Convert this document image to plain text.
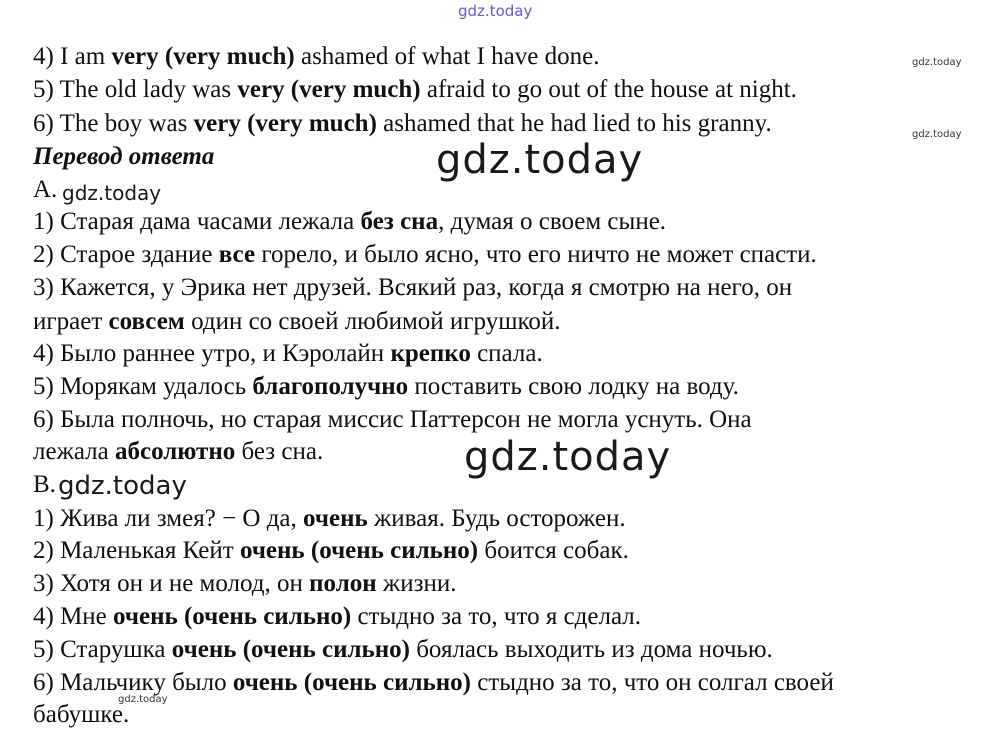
gdz.today
gdz.today
gdz.today
gdz.today
gdz.today
gdz.today
gdz.today
gdz.today
4) I am very (very much) ashamed of what I have done.
5) The old lady was very (very much) afraid to go out of the house at night.
6) The boy was very (very much) ashamed that he had lied to his granny.
Перевод ответа
A.
1) Старая дама часами лежала без сна, думая о своем сыне.
2) Старое здание все горело, и было ясно, что его ничто не может спасти.
3) Кажется, у Эрика нет друзей. Всякий раз, когда я смотрю на него, он
играет совсем один со своей любимой игрушкой.
4) Было раннее утро, и Кэролайн крепко спала.
5) Морякам удалось благополучно поставить свою лодку на воду.
6) Была полночь, но старая миссис Паттерсон не могла уснуть. Она
лежала абсолютно без сна.
B.
1) Жива ли змея? − О да, очень живая. Будь осторожен.
2) Маленькая Кейт очень (очень сильно) боится собак.
3) Хотя он и не молод, он полон жизни.
4) Мне очень (очень сильно) стыдно за то, что я сделал.
5) Старушка очень (очень сильно) боялась выходить из дома ночью.
6) Мальчику было очень (очень сильно) стыдно за то, что он солгал своей
бабушке.
